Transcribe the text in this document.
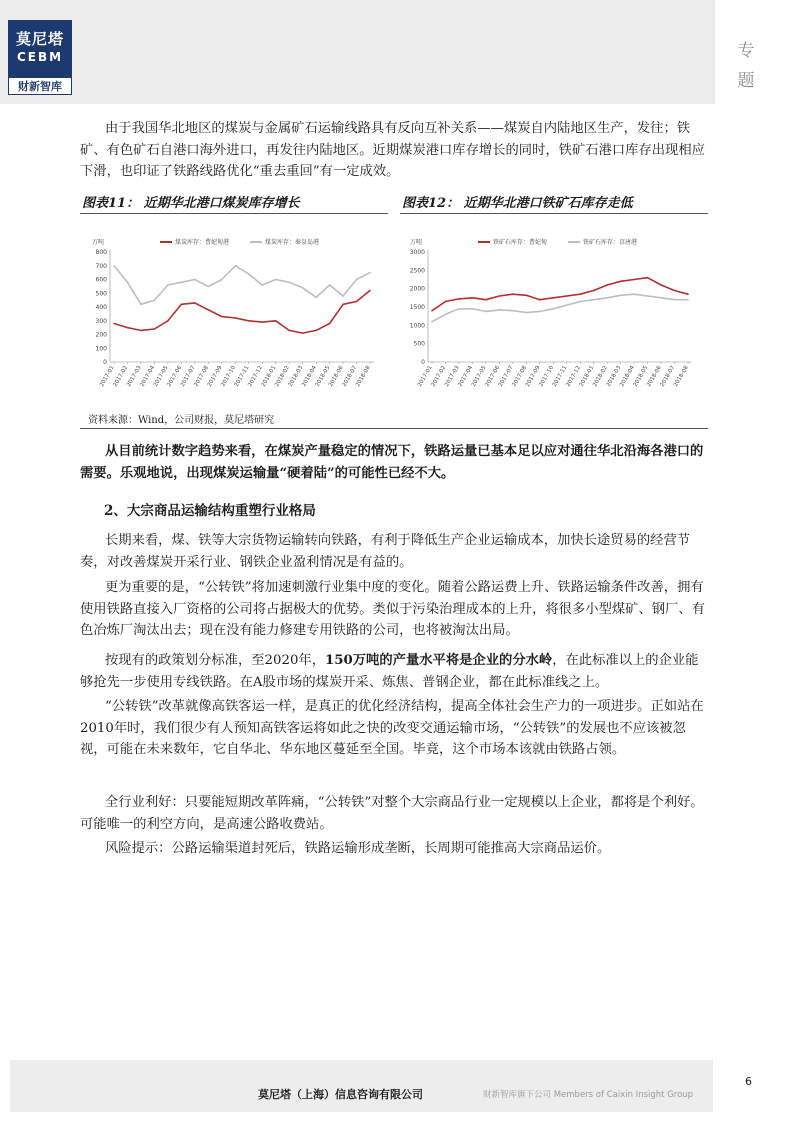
莫尼塔
CEBM
财新智库
专
题

由于我国华北地区的煤炭与金属矿石运输线路具有反向互补关系——煤炭自内陆地区生产，发往；铁矿、有色矿石自港口海外进口，再发往内陆地区。近期煤炭港口库存增长的同时，铁矿石港口库存出现相应下滑，也印证了铁路线路优化“重去重回”有一定成效。

图表11： 近期华北港口煤炭库存增长	图表12： 近期华北港口铁矿石库存走低
万吨	煤炭库存：曹妃甸港	煤炭库存：秦皇岛港
0
100
200
300
400
500
600
700
800
2017-01
2017-02
2017-03
2017-04
2017-05
2017-06
2017-07
2017-08
2017-09
2017-10
2017-11
2017-12
2018-01
2018-02
2018-03
2018-04
2018-05
2018-06
2018-07
2018-08
万吨	铁矿石库存：曹妃甸	铁矿石库存：京唐港
0
500
1000
1500
2000
2500
3000
2017-01
2017-02
2017-03
2017-04
2017-05
2017-06
2017-07
2017-08
2017-09
2017-10
2017-11
2017-12
2018-01
2018-02
2018-03
2018-04
2018-05
2018-06
2018-07
2018-08
资料来源：Wind，公司财报，莫尼塔研究

从目前统计数字趋势来看，在煤炭产量稳定的情况下，铁路运量已基本足以应对通往华北沿海各港口的需要。乐观地说，出现煤炭运输量“硬着陆”的可能性已经不大。

2、大宗商品运输结构重塑行业格局

长期来看，煤、铁等大宗货物运输转向铁路，有利于降低生产企业运输成本，加快长途贸易的经营节奏，对改善煤炭开采行业、钢铁企业盈利情况是有益的。

更为重要的是，“公转铁”将加速刺激行业集中度的变化。随着公路运费上升、铁路运输条件改善，拥有使用铁路直接入厂资格的公司将占据极大的优势。类似于污染治理成本的上升，将很多小型煤矿、钢厂、有色冶炼厂淘汰出去；现在没有能力修建专用铁路的公司，也将被淘汰出局。

按现有的政策划分标准，至2020年，150万吨的产量水平将是企业的分水岭，在此标准以上的企业能够抢先一步使用专线铁路。在A股市场的煤炭开采、炼焦、普钢企业，都在此标准线之上。

“公转铁”改革就像高铁客运一样，是真正的优化经济结构，提高全体社会生产力的一项进步。正如站在2010年时，我们很少有人预知高铁客运将如此之快的改变交通运输市场，“公转铁”的发展也不应该被忽视，可能在未来数年，它自华北、华东地区蔓延至全国。毕竟，这个市场本该就由铁路占领。

全行业利好：只要能短期改革阵痛，“公转铁”对整个大宗商品行业一定规模以上企业，都将是个利好。可能唯一的利空方向，是高速公路收费站。

风险提示：公路运输渠道封死后，铁路运输形成垄断，长周期可能推高大宗商品运价。

莫尼塔（上海）信息咨询有限公司	财新智库旗下公司 Members of Caixin Insight Group
6
